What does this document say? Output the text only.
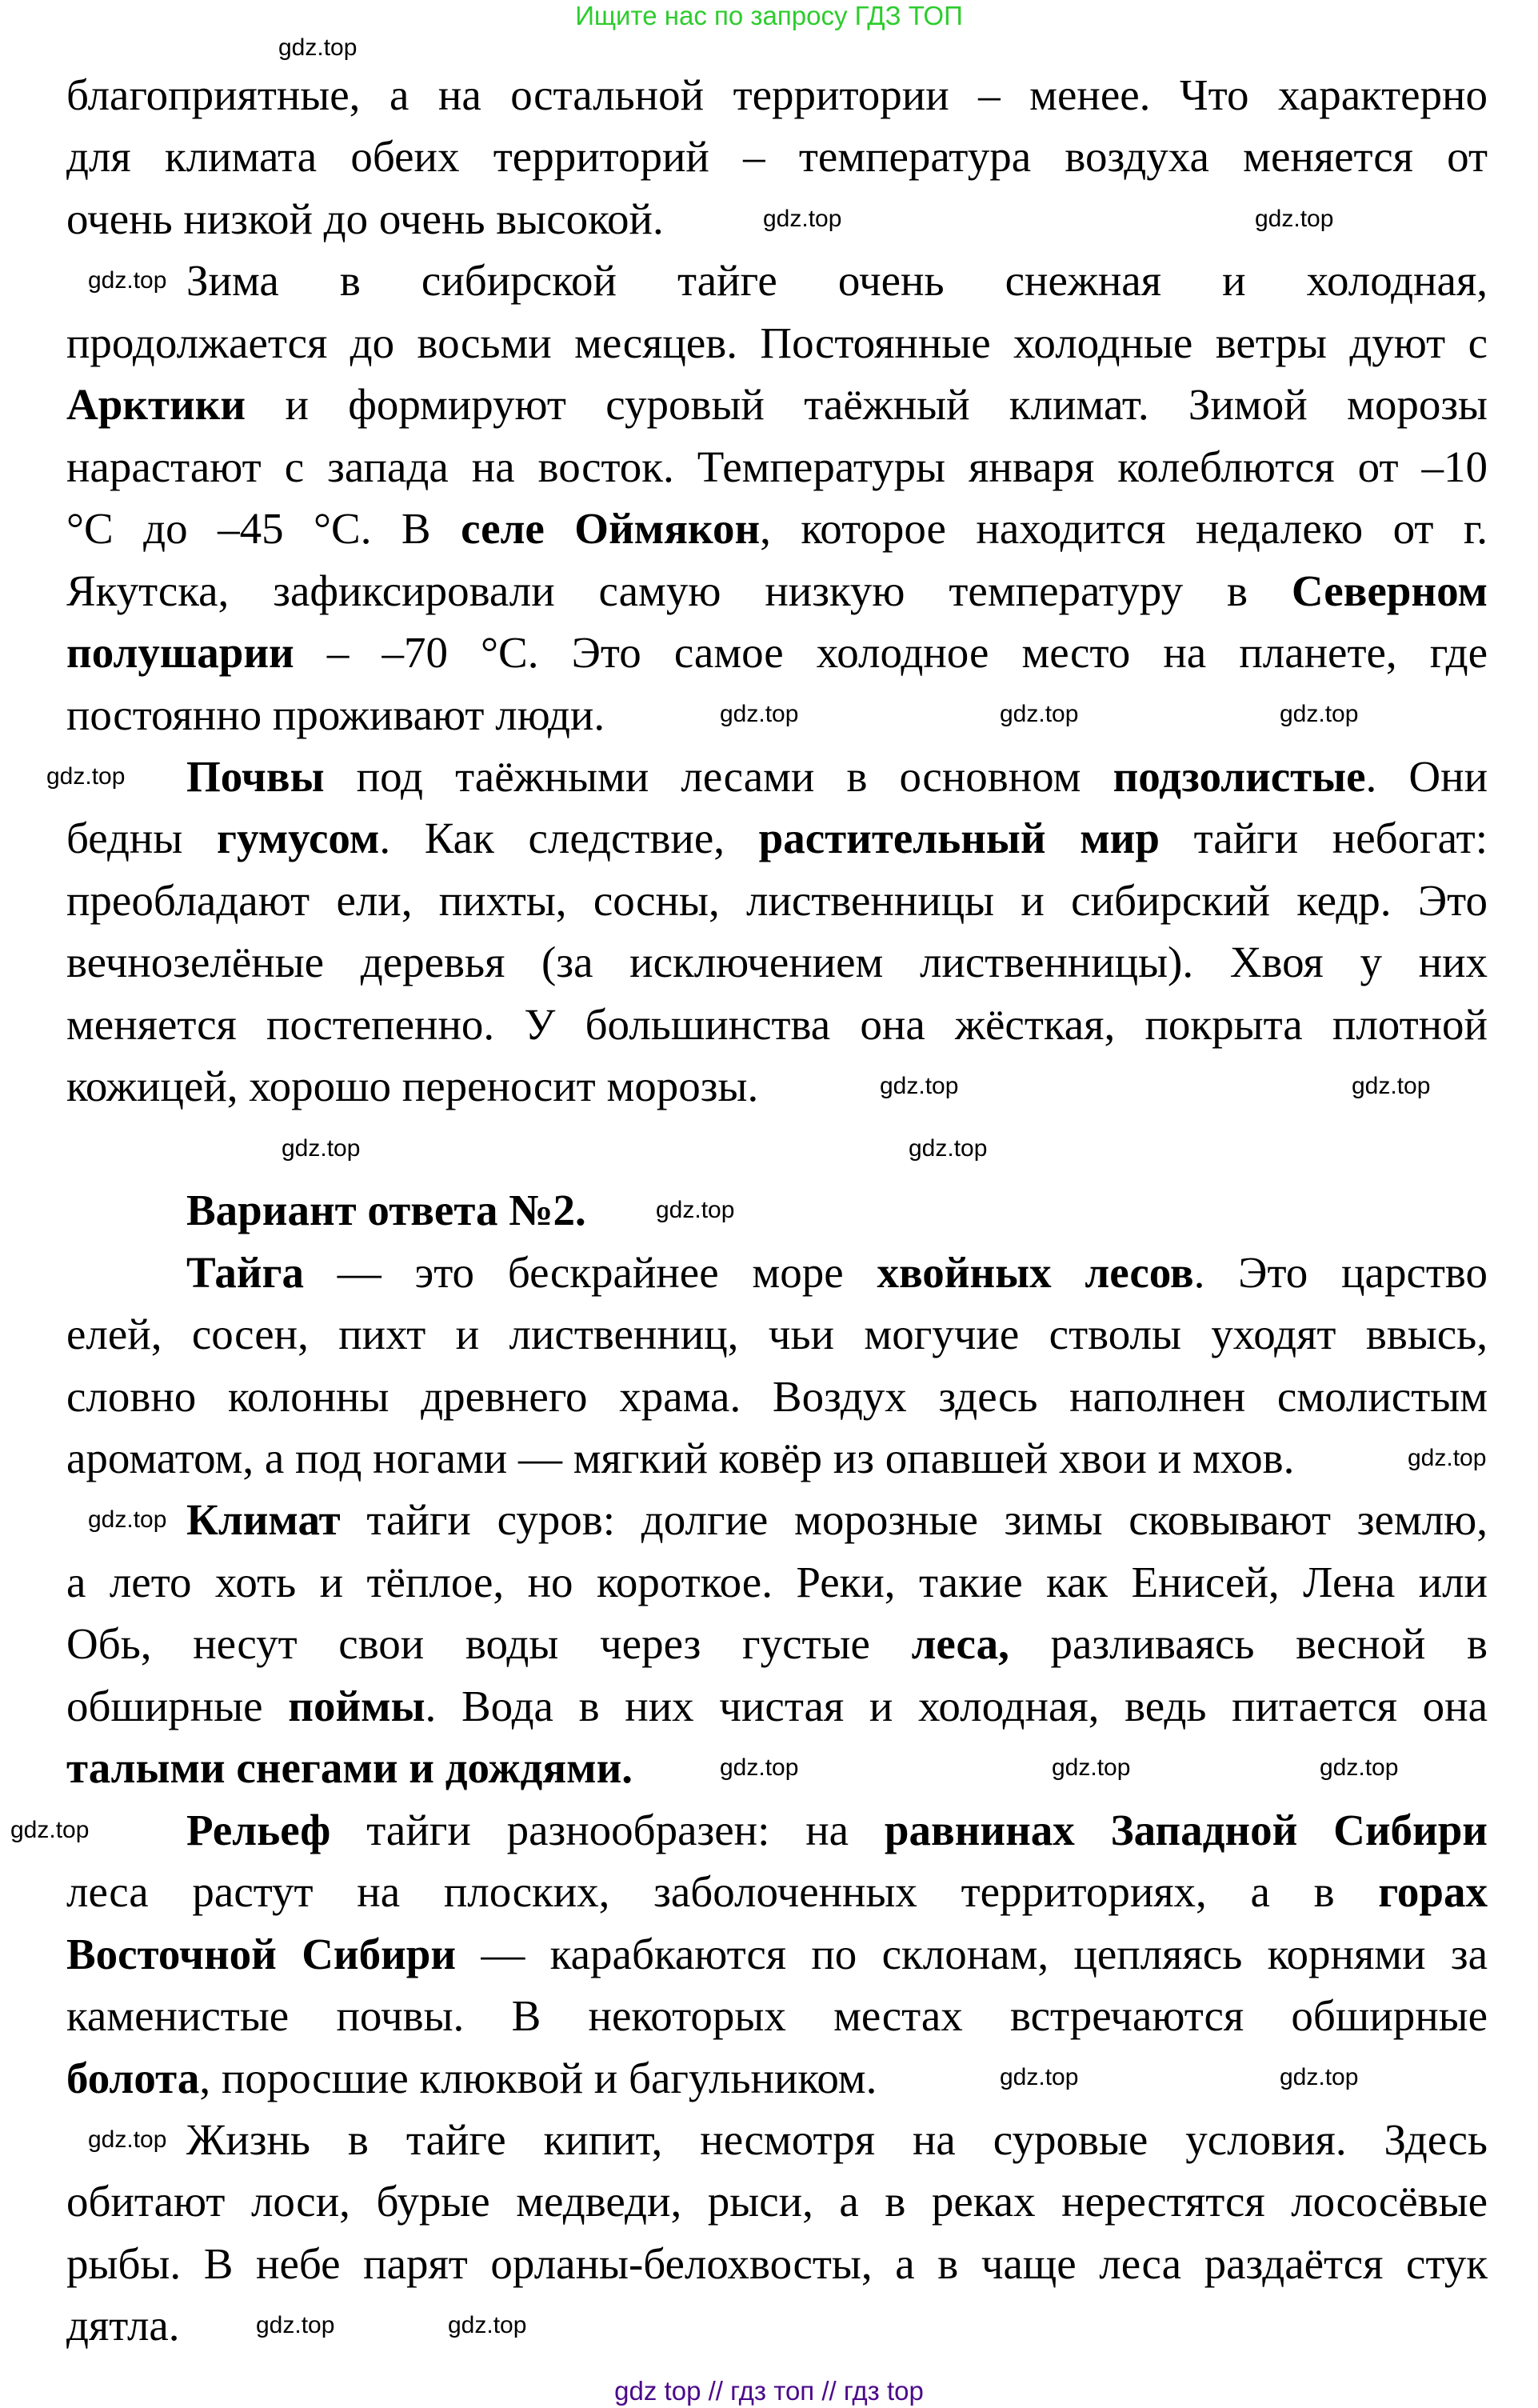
Ищите нас по запросу ГДЗ ТОП
благоприятные, а на остальной территории – менее. Что характерно
для климата обеих территорий – температура воздуха меняется от
очень низкой до очень высокой.
Зима в сибирской тайге очень снежная и холодная,
продолжается до восьми месяцев. Постоянные холодные ветры дуют с
Арктики и формируют суровый таёжный климат. Зимой морозы
нарастают с запада на восток. Температуры января колеблются от –10
°С до –45 °С. В селе Оймякон, которое находится недалеко от г.
Якутска, зафиксировали самую низкую температуру в Северном
полушарии – –70 °С. Это самое холодное место на планете, где
постоянно проживают люди.
Почвы под таёжными лесами в основном подзолистые. Они
бедны гумусом. Как следствие, растительный мир тайги небогат:
преобладают ели, пихты, сосны, лиственницы и сибирский кедр. Это
вечнозелёные деревья (за исключением лиственницы). Хвоя у них
меняется постепенно. У большинства она жёсткая, покрыта плотной
кожицей, хорошо переносит морозы.

Вариант ответа №2.
Тайга — это бескрайнее море хвойных лесов. Это царство
елей, сосен, пихт и лиственниц, чьи могучие стволы уходят ввысь,
словно колонны древнего храма. Воздух здесь наполнен смолистым
ароматом, а под ногами — мягкий ковёр из опавшей хвои и мхов.
Климат тайги суров: долгие морозные зимы сковывают землю,
а лето хоть и тёплое, но короткое. Реки, такие как Енисей, Лена или
Обь, несут свои воды через густые леса, разливаясь весной в
обширные поймы. Вода в них чистая и холодная, ведь питается она
талыми снегами и дождями.
Рельеф тайги разнообразен: на равнинах Западной Сибири
леса растут на плоских, заболоченных территориях, а в горах
Восточной Сибири — карабкаются по склонам, цепляясь корнями за
каменистые почвы. В некоторых местах встречаются обширные
болота, поросшие клюквой и багульником.
Жизнь в тайге кипит, несмотря на суровые условия. Здесь
обитают лоси, бурые медведи, рыси, а в реках нерестятся лососёвые
рыбы. В небе парят орланы-белохвосты, а в чаще леса раздаётся стук
дятла.
gdz.top
gdz.top	gdz.top
gdz.top
gdz.top	gdz.top	gdz.top
gdz.top
gdz.top	gdz.top
gdz.top	gdz.top
gdz.top
gdz.top
gdz.top
gdz.top	gdz.top	gdz.top
gdz.top
gdz.top	gdz.top
gdz.top
gdz.top	gdz.top
gdz top // гдз топ // гдз top
